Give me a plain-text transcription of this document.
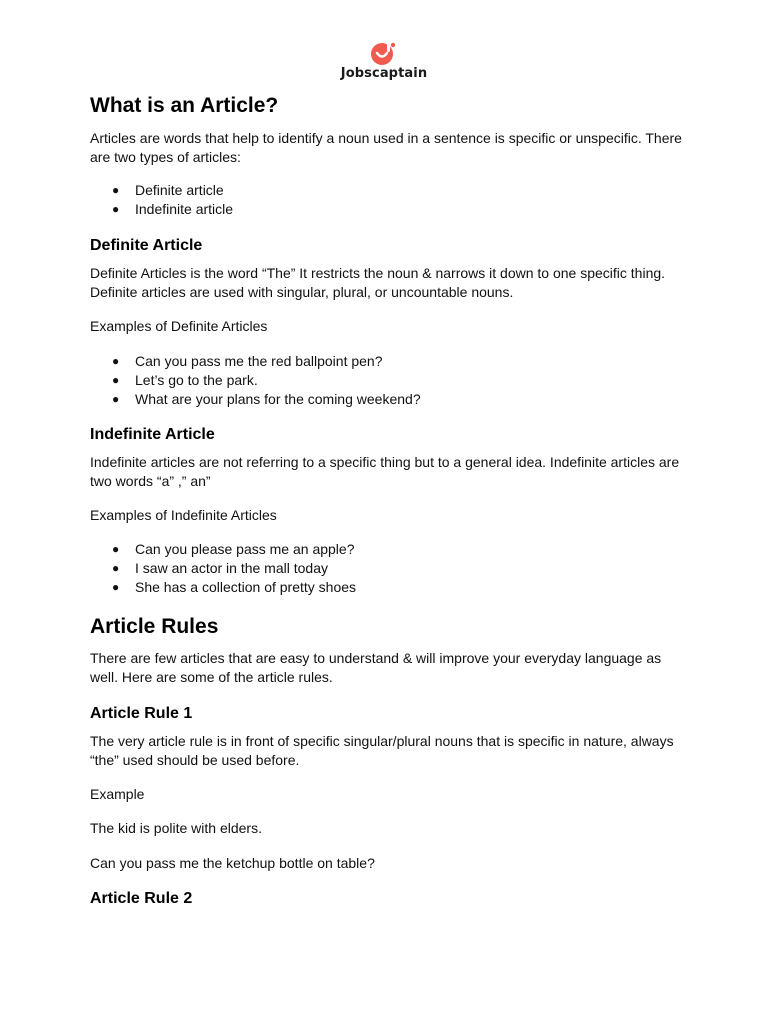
Jobscaptain
What is an Article?

Articles are words that help to identify a noun used in a sentence is specific or unspecific. There are two types of articles:

● Definite article
● Indefinite article
Definite Article

Definite Articles is the word “The” It restricts the noun & narrows it down to one specific thing. Definite articles are used with singular, plural, or uncountable nouns.

Examples of Definite Articles

● Can you pass me the red ballpoint pen?
● Let’s go to the park.
● What are your plans for the coming weekend?
Indefinite Article

Indefinite articles are not referring to a specific thing but to a general idea. Indefinite articles are two words “a” ,” an”

Examples of Indefinite Articles

● Can you please pass me an apple?
● I saw an actor in the mall today
● She has a collection of pretty shoes
Article Rules

There are few articles that are easy to understand & will improve your everyday language as well. Here are some of the article rules.

Article Rule 1

The very article rule is in front of specific singular/plural nouns that is specific in nature, always “the” used should be used before.

Example

The kid is polite with elders.

Can you pass me the ketchup bottle on table?

Article Rule 2
